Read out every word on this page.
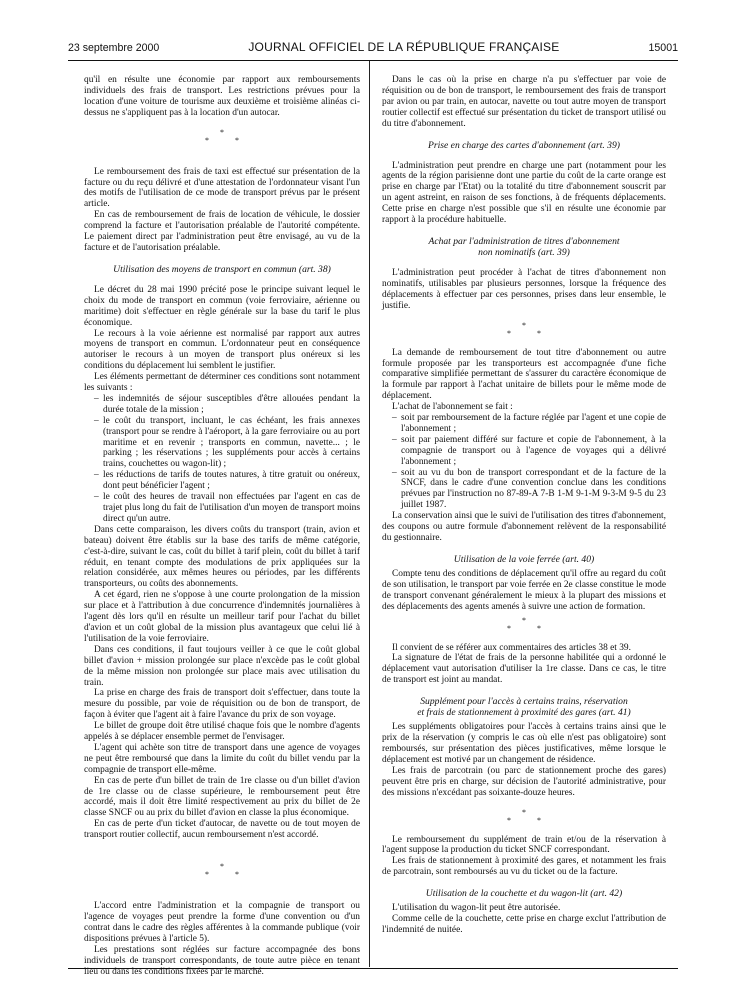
23 septembre 2000	JOURNAL OFFICIEL DE LA RÉPUBLIQUE FRANÇAISE	15001

qu'il en résulte une économie par rapport aux remboursements individuels des frais de transport. Les restrictions prévues pour la location d'une voiture de tourisme aux deuxième et troisième alinéas ci-dessus ne s'appliquent pas à la location d'un autocar.

*
* *

Le remboursement des frais de taxi est effectué sur présentation de la facture ou du reçu délivré et d'une attestation de l'ordonnateur visant l'un des motifs de l'utilisation de ce mode de transport prévus par le présent article.

En cas de remboursement de frais de location de véhicule, le dossier comprend la facture et l'autorisation préalable de l'autorité compétente. Le paiement direct par l'administration peut être envisagé, au vu de la facture et de l'autorisation préalable.

Utilisation des moyens de transport en commun (art. 38)

Le décret du 28 mai 1990 précité pose le principe suivant lequel le choix du mode de transport en commun (voie ferroviaire, aérienne ou maritime) doit s'effectuer en règle générale sur la base du tarif le plus économique.

Le recours à la voie aérienne est normalisé par rapport aux autres moyens de transport en commun. L'ordonnateur peut en conséquence autoriser le recours à un moyen de transport plus onéreux si les conditions du déplacement lui semblent le justifier.

Les éléments permettant de déterminer ces conditions sont notamment les suivants :

– les indemnités de séjour susceptibles d'être allouées pendant la durée totale de la mission ;
– le coût du transport, incluant, le cas échéant, les frais annexes (transport pour se rendre à l'aéroport, à la gare ferroviaire ou au port maritime et en revenir ; transports en commun, navette... ; le parking ; les réservations ; les suppléments pour accès à certains trains, couchettes ou wagon-lit) ;
– les réductions de tarifs de toutes natures, à titre gratuit ou onéreux, dont peut bénéficier l'agent ;
– le coût des heures de travail non effectuées par l'agent en cas de trajet plus long du fait de l'utilisation d'un moyen de transport moins direct qu'un autre.

Dans cette comparaison, les divers coûts du transport (train, avion et bateau) doivent être établis sur la base des tarifs de même catégorie, c'est-à-dire, suivant le cas, coût du billet à tarif plein, coût du billet à tarif réduit, en tenant compte des modulations de prix appliquées sur la relation considérée, aux mêmes heures ou périodes, par les différents transporteurs, ou coûts des abonnements.

A cet égard, rien ne s'oppose à une courte prolongation de la mission sur place et à l'attribution à due concurrence d'indemnités journalières à l'agent dès lors qu'il en résulte un meilleur tarif pour l'achat du billet d'avion et un coût global de la mission plus avantageux que celui lié à l'utilisation de la voie ferroviaire.

Dans ces conditions, il faut toujours veiller à ce que le coût global billet d'avion + mission prolongée sur place n'excède pas le coût global de la même mission non prolongée sur place mais avec utilisation du train.

La prise en charge des frais de transport doit s'effectuer, dans toute la mesure du possible, par voie de réquisition ou de bon de transport, de façon à éviter que l'agent ait à faire l'avance du prix de son voyage.

Le billet de groupe doit être utilisé chaque fois que le nombre d'agents appelés à se déplacer ensemble permet de l'envisager.

L'agent qui achète son titre de transport dans une agence de voyages ne peut être remboursé que dans la limite du coût du billet vendu par la compagnie de transport elle-même.

En cas de perte d'un billet de train de 1re classe ou d'un billet d'avion de 1re classe ou de classe supérieure, le remboursement peut être accordé, mais il doit être limité respectivement au prix du billet de 2e classe SNCF ou au prix du billet d'avion en classe la plus économique.

En cas de perte d'un ticket d'autocar, de navette ou de tout moyen de transport routier collectif, aucun remboursement n'est accordé.

*
* *

L'accord entre l'administration et la compagnie de transport ou l'agence de voyages peut prendre la forme d'une convention ou d'un contrat dans le cadre des règles afférentes à la commande publique (voir dispositions prévues à l'article 5).

Les prestations sont réglées sur facture accompagnée des bons individuels de transport correspondants, de toute autre pièce en tenant lieu ou dans les conditions fixées par le marché.

Dans le cas où la prise en charge n'a pu s'effectuer par voie de réquisition ou de bon de transport, le remboursement des frais de transport par avion ou par train, en autocar, navette ou tout autre moyen de transport routier collectif est effectué sur présentation du ticket de transport utilisé ou du titre d'abonnement.

Prise en charge des cartes d'abonnement (art. 39)

L'administration peut prendre en charge une part (notamment pour les agents de la région parisienne dont une partie du coût de la carte orange est prise en charge par l'Etat) ou la totalité du titre d'abonnement souscrit par un agent astreint, en raison de ses fonctions, à de fréquents déplacements. Cette prise en charge n'est possible que s'il en résulte une économie par rapport à la procédure habituelle.

Achat par l'administration de titres d'abonnement
non nominatifs (art. 39)

L'administration peut procéder à l'achat de titres d'abonnement non nominatifs, utilisables par plusieurs personnes, lorsque la fréquence des déplacements à effectuer par ces personnes, prises dans leur ensemble, le justifie.

*
* *

La demande de remboursement de tout titre d'abonnement ou autre formule proposée par les transporteurs est accompagnée d'une fiche comparative simplifiée permettant de s'assurer du caractère économique de la formule par rapport à l'achat unitaire de billets pour le même mode de déplacement.

L'achat de l'abonnement se fait :

– soit par remboursement de la facture réglée par l'agent et une copie de l'abonnement ;
– soit par paiement différé sur facture et copie de l'abonnement, à la compagnie de transport ou à l'agence de voyages qui a délivré l'abonnement ;
– soit au vu du bon de transport correspondant et de la facture de la SNCF, dans le cadre d'une convention conclue dans les conditions prévues par l'instruction no 87-89-A 7-B 1-M 9-1-M 9-3-M 9-5 du 23 juillet 1987.

La conservation ainsi que le suivi de l'utilisation des titres d'abonnement, des coupons ou autre formule d'abonnement relèvent de la responsabilité du gestionnaire.

Utilisation de la voie ferrée (art. 40)

Compte tenu des conditions de déplacement qu'il offre au regard du coût de son utilisation, le transport par voie ferrée en 2e classe constitue le mode de transport convenant généralement le mieux à la plupart des missions et des déplacements des agents amenés à suivre une action de formation.

*
* *

Il convient de se référer aux commentaires des articles 38 et 39.

La signature de l'état de frais de la personne habilitée qui a ordonné le déplacement vaut autorisation d'utiliser la 1re classe. Dans ce cas, le titre de transport est joint au mandat.

Supplément pour l'accès à certains trains, réservation
et frais de stationnement à proximité des gares (art. 41)

Les suppléments obligatoires pour l'accès à certains trains ainsi que le prix de la réservation (y compris le cas où elle n'est pas obligatoire) sont remboursés, sur présentation des pièces justificatives, même lorsque le déplacement est motivé par un changement de résidence.

Les frais de parcotrain (ou parc de stationnement proche des gares) peuvent être pris en charge, sur décision de l'autorité administrative, pour des missions n'excédant pas soixante-douze heures.

*
* *

Le remboursement du supplément de train et/ou de la réservation à l'agent suppose la production du ticket SNCF correspondant.

Les frais de stationnement à proximité des gares, et notamment les frais de parcotrain, sont remboursés au vu du ticket ou de la facture.

Utilisation de la couchette et du wagon-lit (art. 42)

L'utilisation du wagon-lit peut être autorisée.

Comme celle de la couchette, cette prise en charge exclut l'attribution de l'indemnité de nuitée.
